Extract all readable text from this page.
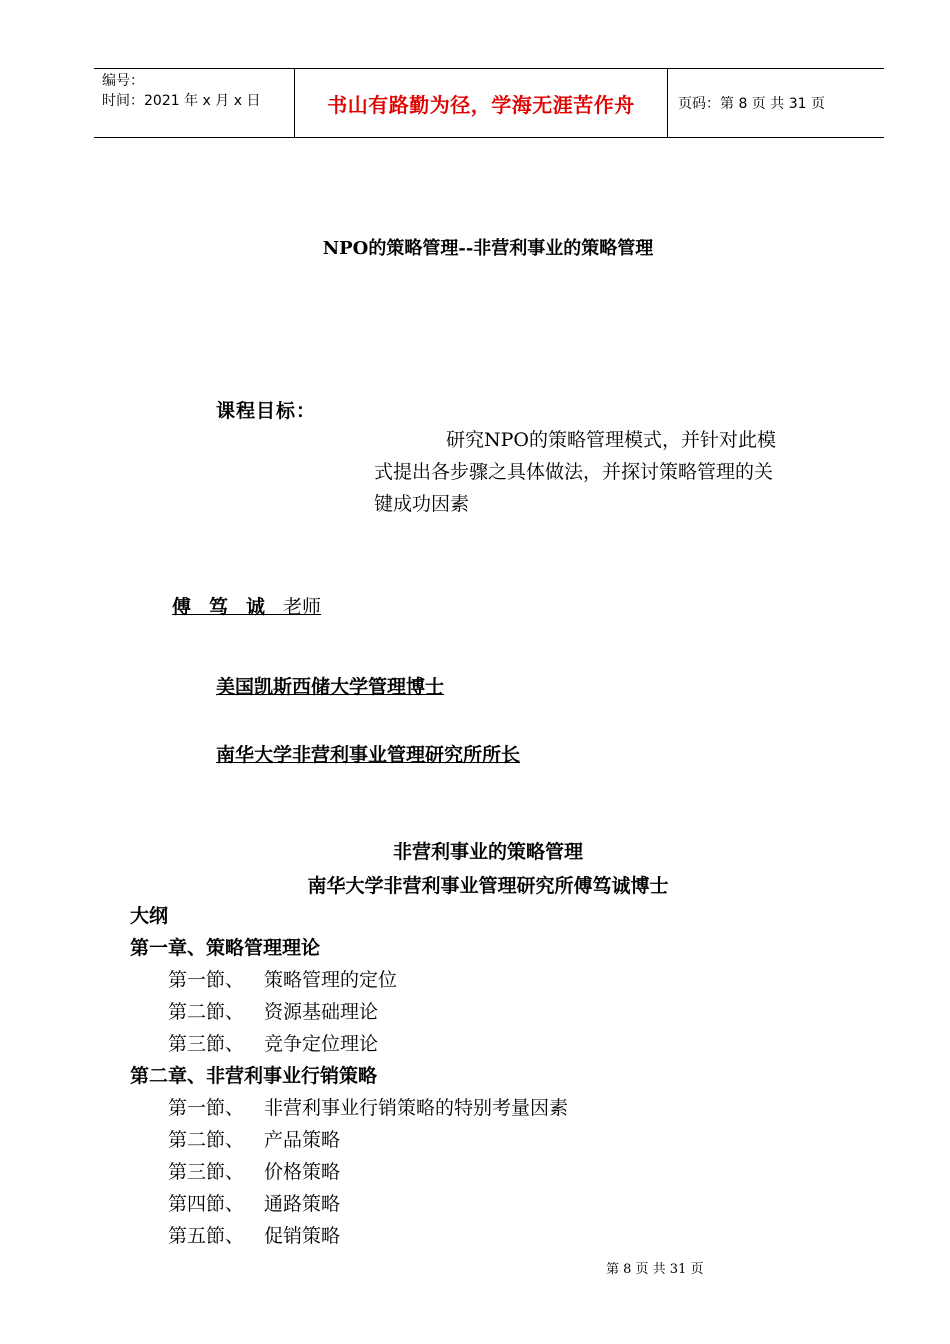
编号：
时间：2021 年 x 月 x 日	书山有路勤为径，学海无涯苦作舟	页码：第 8 页 共 31 页
NPO的策略管理--非营利事业的策略管理
课程目标：
研究NPO的策略管理模式，并针对此模式提出各步骤之具体做法，并探讨策略管理的关键成功因素
傅笃诚老师
美国凯斯西储大学管理博士
南华大学非营利事业管理研究所所长
非营利事业的策略管理
南华大学非营利事业管理研究所傅笃诚博士
大纲
第一章、策略管理理论
第一節、 策略管理的定位
第二節、 资源基础理论
第三節、 竞争定位理论
第二章、非营利事业行销策略
第一節、 非营利事业行销策略的特别考量因素
第二節、 产品策略
第三節、 价格策略
第四節、 通路策略
第五節、 促销策略
第 8 页 共 31 页
